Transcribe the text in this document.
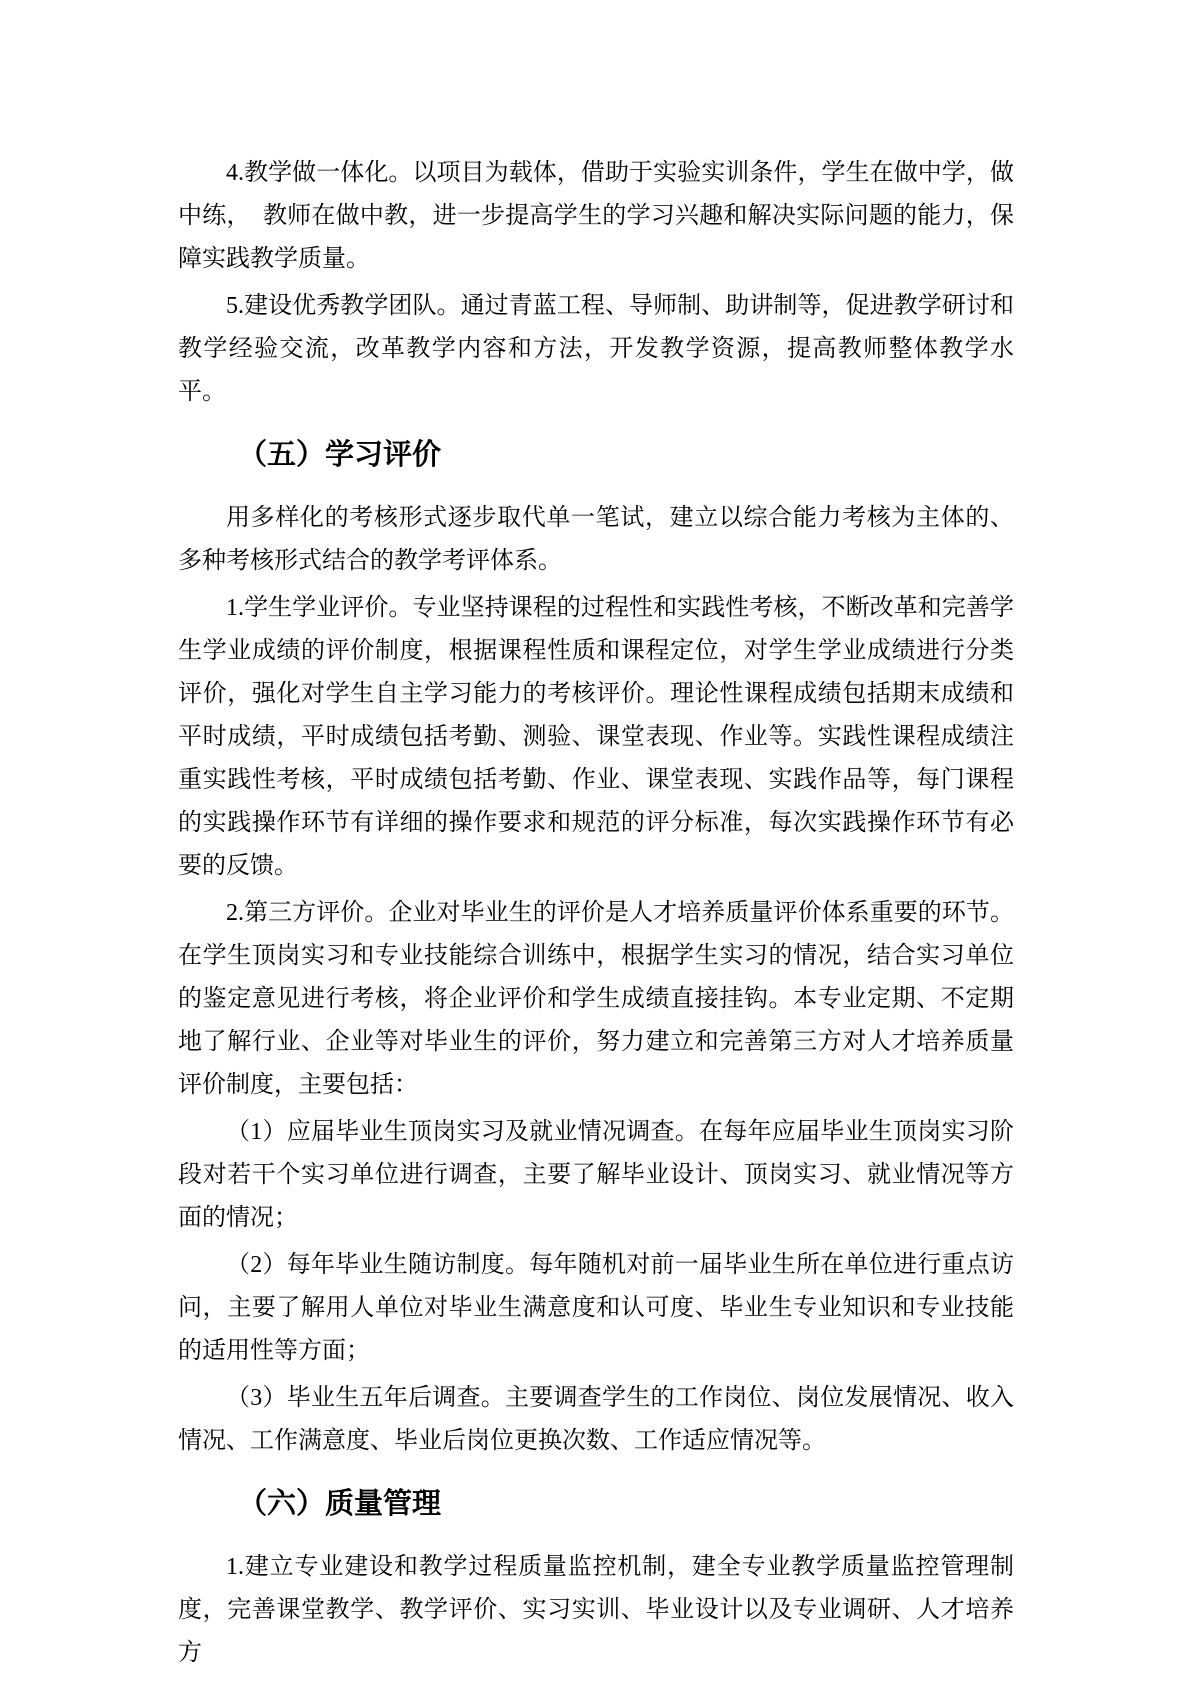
4.教学做一体化。以项目为载体，借助于实验实训条件，学生在做中学，做中练，　教师在做中教，进一步提高学生的学习兴趣和解决实际问题的能力，保障实践教学质量。

5.建设优秀教学团队。通过青蓝工程、导师制、助讲制等，促进教学研讨和教学经验交流，改革教学内容和方法，开发教学资源，提高教师整体教学水平。

（五）学习评价

用多样化的考核形式逐步取代单一笔试，建立以综合能力考核为主体的、多种考核形式结合的教学考评体系。

1.学生学业评价。专业坚持课程的过程性和实践性考核，不断改革和完善学生学业成绩的评价制度，根据课程性质和课程定位，对学生学业成绩进行分类评价，强化对学生自主学习能力的考核评价。理论性课程成绩包括期末成绩和平时成绩，平时成绩包括考勤、测验、课堂表现、作业等。实践性课程成绩注重实践性考核，平时成绩包括考勤、作业、课堂表现、实践作品等，每门课程的实践操作环节有详细的操作要求和规范的评分标准，每次实践操作环节有必要的反馈。

2.第三方评价。企业对毕业生的评价是人才培养质量评价体系重要的环节。在学生顶岗实习和专业技能综合训练中，根据学生实习的情况，结合实习单位的鉴定意见进行考核，将企业评价和学生成绩直接挂钩。本专业定期、不定期地了解行业、企业等对毕业生的评价，努力建立和完善第三方对人才培养质量评价制度，主要包括：

（1）应届毕业生顶岗实习及就业情况调查。在每年应届毕业生顶岗实习阶段对若干个实习单位进行调查，主要了解毕业设计、顶岗实习、就业情况等方面的情况；

（2）每年毕业生随访制度。每年随机对前一届毕业生所在单位进行重点访问，主要了解用人单位对毕业生满意度和认可度、毕业生专业知识和专业技能的适用性等方面；

（3）毕业生五年后调查。主要调查学生的工作岗位、岗位发展情况、收入情况、工作满意度、毕业后岗位更换次数、工作适应情况等。

（六）质量管理

1.建立专业建设和教学过程质量监控机制，建全专业教学质量监控管理制度，完善课堂教学、教学评价、实习实训、毕业设计以及专业调研、人才培养方
